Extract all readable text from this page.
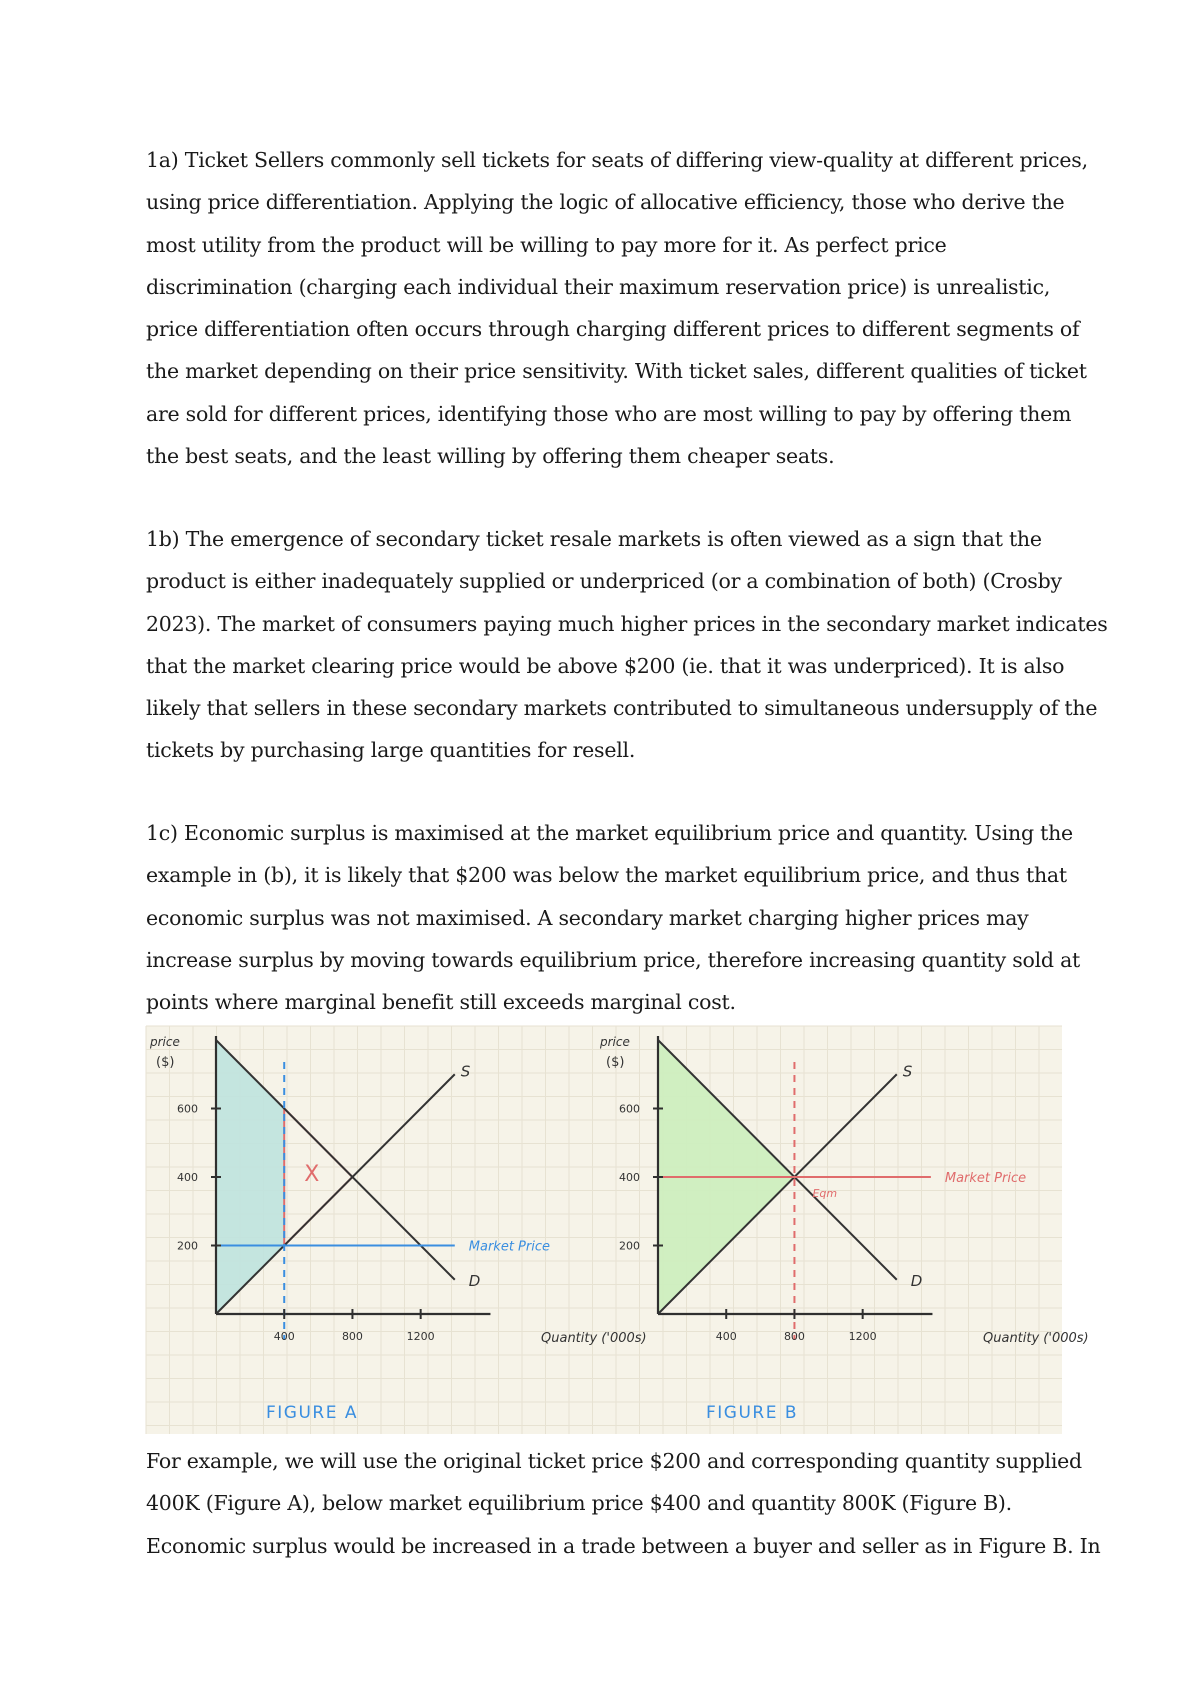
1a) Ticket Sellers commonly sell tickets for seats of differing view-quality at different prices,
using price differentiation. Applying the logic of allocative efficiency, those who derive the
most utility from the product will be willing to pay more for it. As perfect price
discrimination (charging each individual their maximum reservation price) is unrealistic,
price differentiation often occurs through charging different prices to different segments of
the market depending on their price sensitivity. With ticket sales, different qualities of ticket
are sold for different prices, identifying those who are most willing to pay by offering them
the best seats, and the least willing by offering them cheaper seats.
1b) The emergence of secondary ticket resale markets is often viewed as a sign that the
product is either inadequately supplied or underpriced (or a combination of both) (Crosby
2023). The market of consumers paying much higher prices in the secondary market indicates
that the market clearing price would be above $200 (ie. that it was underpriced). It is also
likely that sellers in these secondary markets contributed to simultaneous undersupply of the
tickets by purchasing large quantities for resell.
1c) Economic surplus is maximised at the market equilibrium price and quantity. Using the
example in (b), it is likely that $200 was below the market equilibrium price, and thus that
economic surplus was not maximised. A secondary market charging higher prices may
increase surplus by moving towards equilibrium price, therefore increasing quantity sold at
points where marginal benefit still exceeds marginal cost.
X
S
D
Market Price
400	800	1200
200
400
600
price
($)
Quantity ('000s)
FIGURE A
S
D
Market Price
Eqm
400	800	1200
200
400
600
price
($)
Quantity ('000s)
FIGURE B
For example, we will use the original ticket price $200 and corresponding quantity supplied
400K (Figure A), below market equilibrium price $400 and quantity 800K (Figure B).
Economic surplus would be increased in a trade between a buyer and seller as in Figure B. In
